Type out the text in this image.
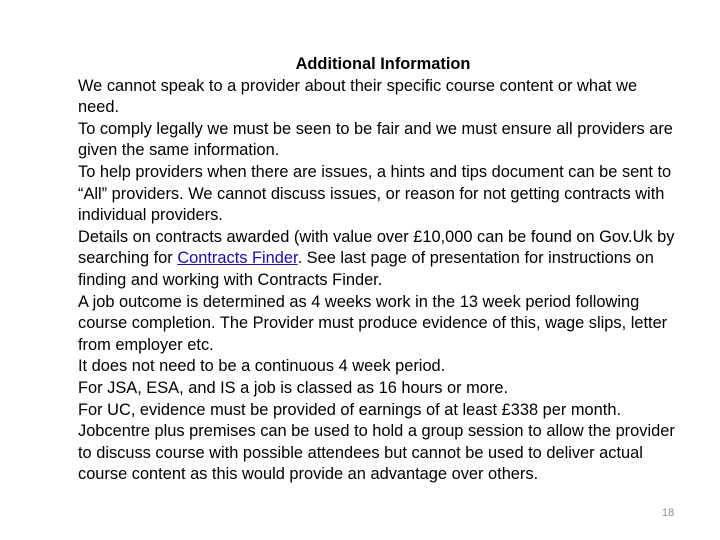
Additional Information

We cannot speak to a provider about their specific course content or what we need.

To comply legally we must be seen to be fair and we must ensure all providers are given the same information.

To help providers when there are issues, a hints and tips document can be sent to “All” providers. We cannot discuss issues, or reason for not getting contracts with individual providers.

Details on contracts awarded (with value over £10,000 can be found on Gov.Uk by searching for Contracts Finder. See last page of presentation for instructions on finding and working with Contracts Finder.

A job outcome is determined as 4 weeks work in the 13 week period following course completion. The Provider must produce evidence of this, wage slips, letter from employer etc.

It does not need to be a continuous 4 week period.

For JSA, ESA, and IS a job is classed as 16 hours or more.

For UC, evidence must be provided of earnings of at least £338 per month.

Jobcentre plus premises can be used to hold a group session to allow the provider to discuss course with possible attendees but cannot be used to deliver actual course content as this would provide an advantage over others.

18
